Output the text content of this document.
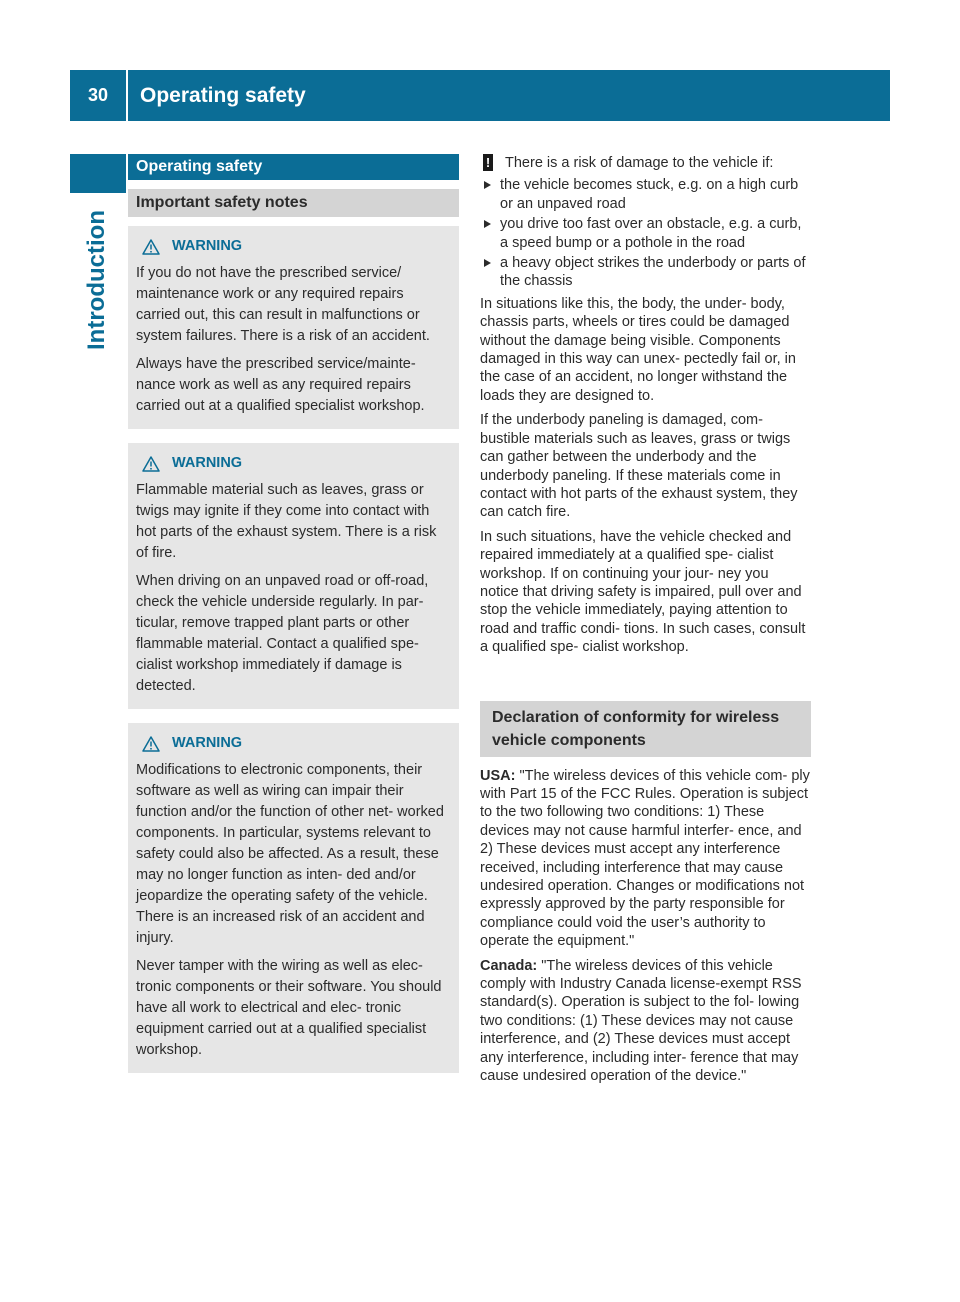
30	Operating safety
Introduction
Operating safety
Important safety notes
WARNING

If you do not have the prescribed service/ maintenance work or any required repairs carried out, this can result in malfunctions or system failures. There is a risk of an accident.

Always have the prescribed service/mainte- nance work as well as any required repairs carried out at a qualified specialist workshop.

WARNING

Flammable material such as leaves, grass or twigs may ignite if they come into contact with hot parts of the exhaust system. There is a risk of fire.

When driving on an unpaved road or off-road, check the vehicle underside regularly. In par- ticular, remove trapped plant parts or other flammable material. Contact a qualified spe- cialist workshop immediately if damage is detected.

WARNING

Modifications to electronic components, their software as well as wiring can impair their function and/or the function of other net- worked components. In particular, systems relevant to safety could also be affected. As a result, these may no longer function as inten- ded and/or jeopardize the operating safety of the vehicle. There is an increased risk of an accident and injury.

Never tamper with the wiring as well as elec- tronic components or their software. You should have all work to electrical and elec- tronic equipment carried out at a qualified specialist workshop.

! There is a risk of damage to the vehicle if:
the vehicle becomes stuck, e.g. on a high curb or an unpaved road
you drive too fast over an obstacle, e.g. a curb, a speed bump or a pothole in the road
a heavy object strikes the underbody or parts of the chassis

In situations like this, the body, the under- body, chassis parts, wheels or tires could be damaged without the damage being visible. Components damaged in this way can unex- pectedly fail or, in the case of an accident, no longer withstand the loads they are designed to.

If the underbody paneling is damaged, com- bustible materials such as leaves, grass or twigs can gather between the underbody and the underbody paneling. If these materials come in contact with hot parts of the exhaust system, they can catch fire.

In such situations, have the vehicle checked and repaired immediately at a qualified spe- cialist workshop. If on continuing your jour- ney you notice that driving safety is impaired, pull over and stop the vehicle immediately, paying attention to road and traffic condi- tions. In such cases, consult a qualified spe- cialist workshop.

Declaration of conformity for wireless
vehicle components

USA: "The wireless devices of this vehicle com- ply with Part 15 of the FCC Rules. Operation is subject to the two following two conditions: 1) These devices may not cause harmful interfer- ence, and 2) These devices must accept any interference received, including interference that may cause undesired operation. Changes or modifications not expressly approved by the party responsible for compliance could void the user’s authority to operate the equipment."

Canada: "The wireless devices of this vehicle comply with Industry Canada license-exempt RSS standard(s). Operation is subject to the fol- lowing two conditions: (1) These devices may not cause interference, and (2) These devices must accept any interference, including inter- ference that may cause undesired operation of the device."
